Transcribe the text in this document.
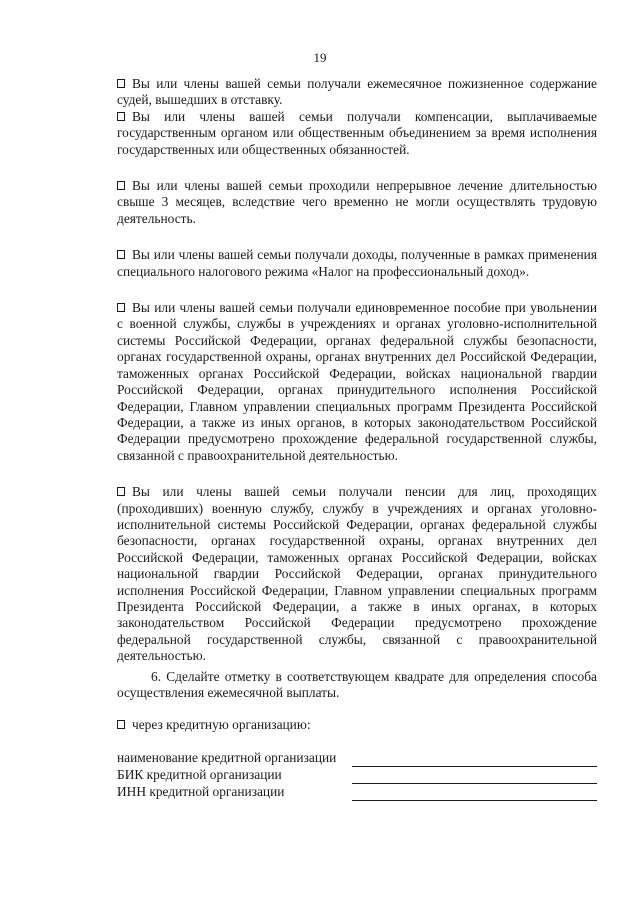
19

Вы или члены вашей семьи получали ежемесячное пожизненное содержание судей, вышедших в отставку.

Вы или члены вашей семьи получали компенсации, выплачиваемые государственным органом или общественным объединением за время исполнения государственных или общественных обязанностей.

Вы или члены вашей семьи проходили непрерывное лечение длительностью свыше 3 месяцев, вследствие чего временно не могли осуществлять трудовую деятельность.

Вы или члены вашей семьи получали доходы, полученные в рамках применения специального налогового режима «Налог на профессиональный доход».

Вы или члены вашей семьи получали единовременное пособие при увольнении с военной службы, службы в учреждениях и органах уголовно-исполнительной системы Российской Федерации, органах федеральной службы безопасности, органах государственной охраны, органах внутренних дел Российской Федерации, таможенных органах Российской Федерации, войсках национальной гвардии Российской Федерации, органах принудительного исполнения Российской Федерации, Главном управлении специальных программ Президента Российской Федерации, а также из иных органов, в которых законодательством Российской Федерации предусмотрено прохождение федеральной государственной службы, связанной с правоохранительной деятельностью.

Вы или члены вашей семьи получали пенсии для лиц, проходящих (проходивших) военную службу, службу в учреждениях и органах уголовно-исполнительной системы Российской Федерации, органах федеральной службы безопасности, органах государственной охраны, органах внутренних дел Российской Федерации, таможенных органах Российской Федерации, войсках национальной гвардии Российской Федерации, органах принудительного исполнения Российской Федерации, Главном управлении специальных программ Президента Российской Федерации, а также в иных органах, в которых законодательством Российской Федерации предусмотрено прохождение федеральной государственной службы, связанной с правоохранительной деятельностью.

6. Сделайте отметку в соответствующем квадрате для определения способа осуществления ежемесячной выплаты.

через кредитную организацию:

наименование кредитной организации
БИК кредитной организации
ИНН кредитной организации
